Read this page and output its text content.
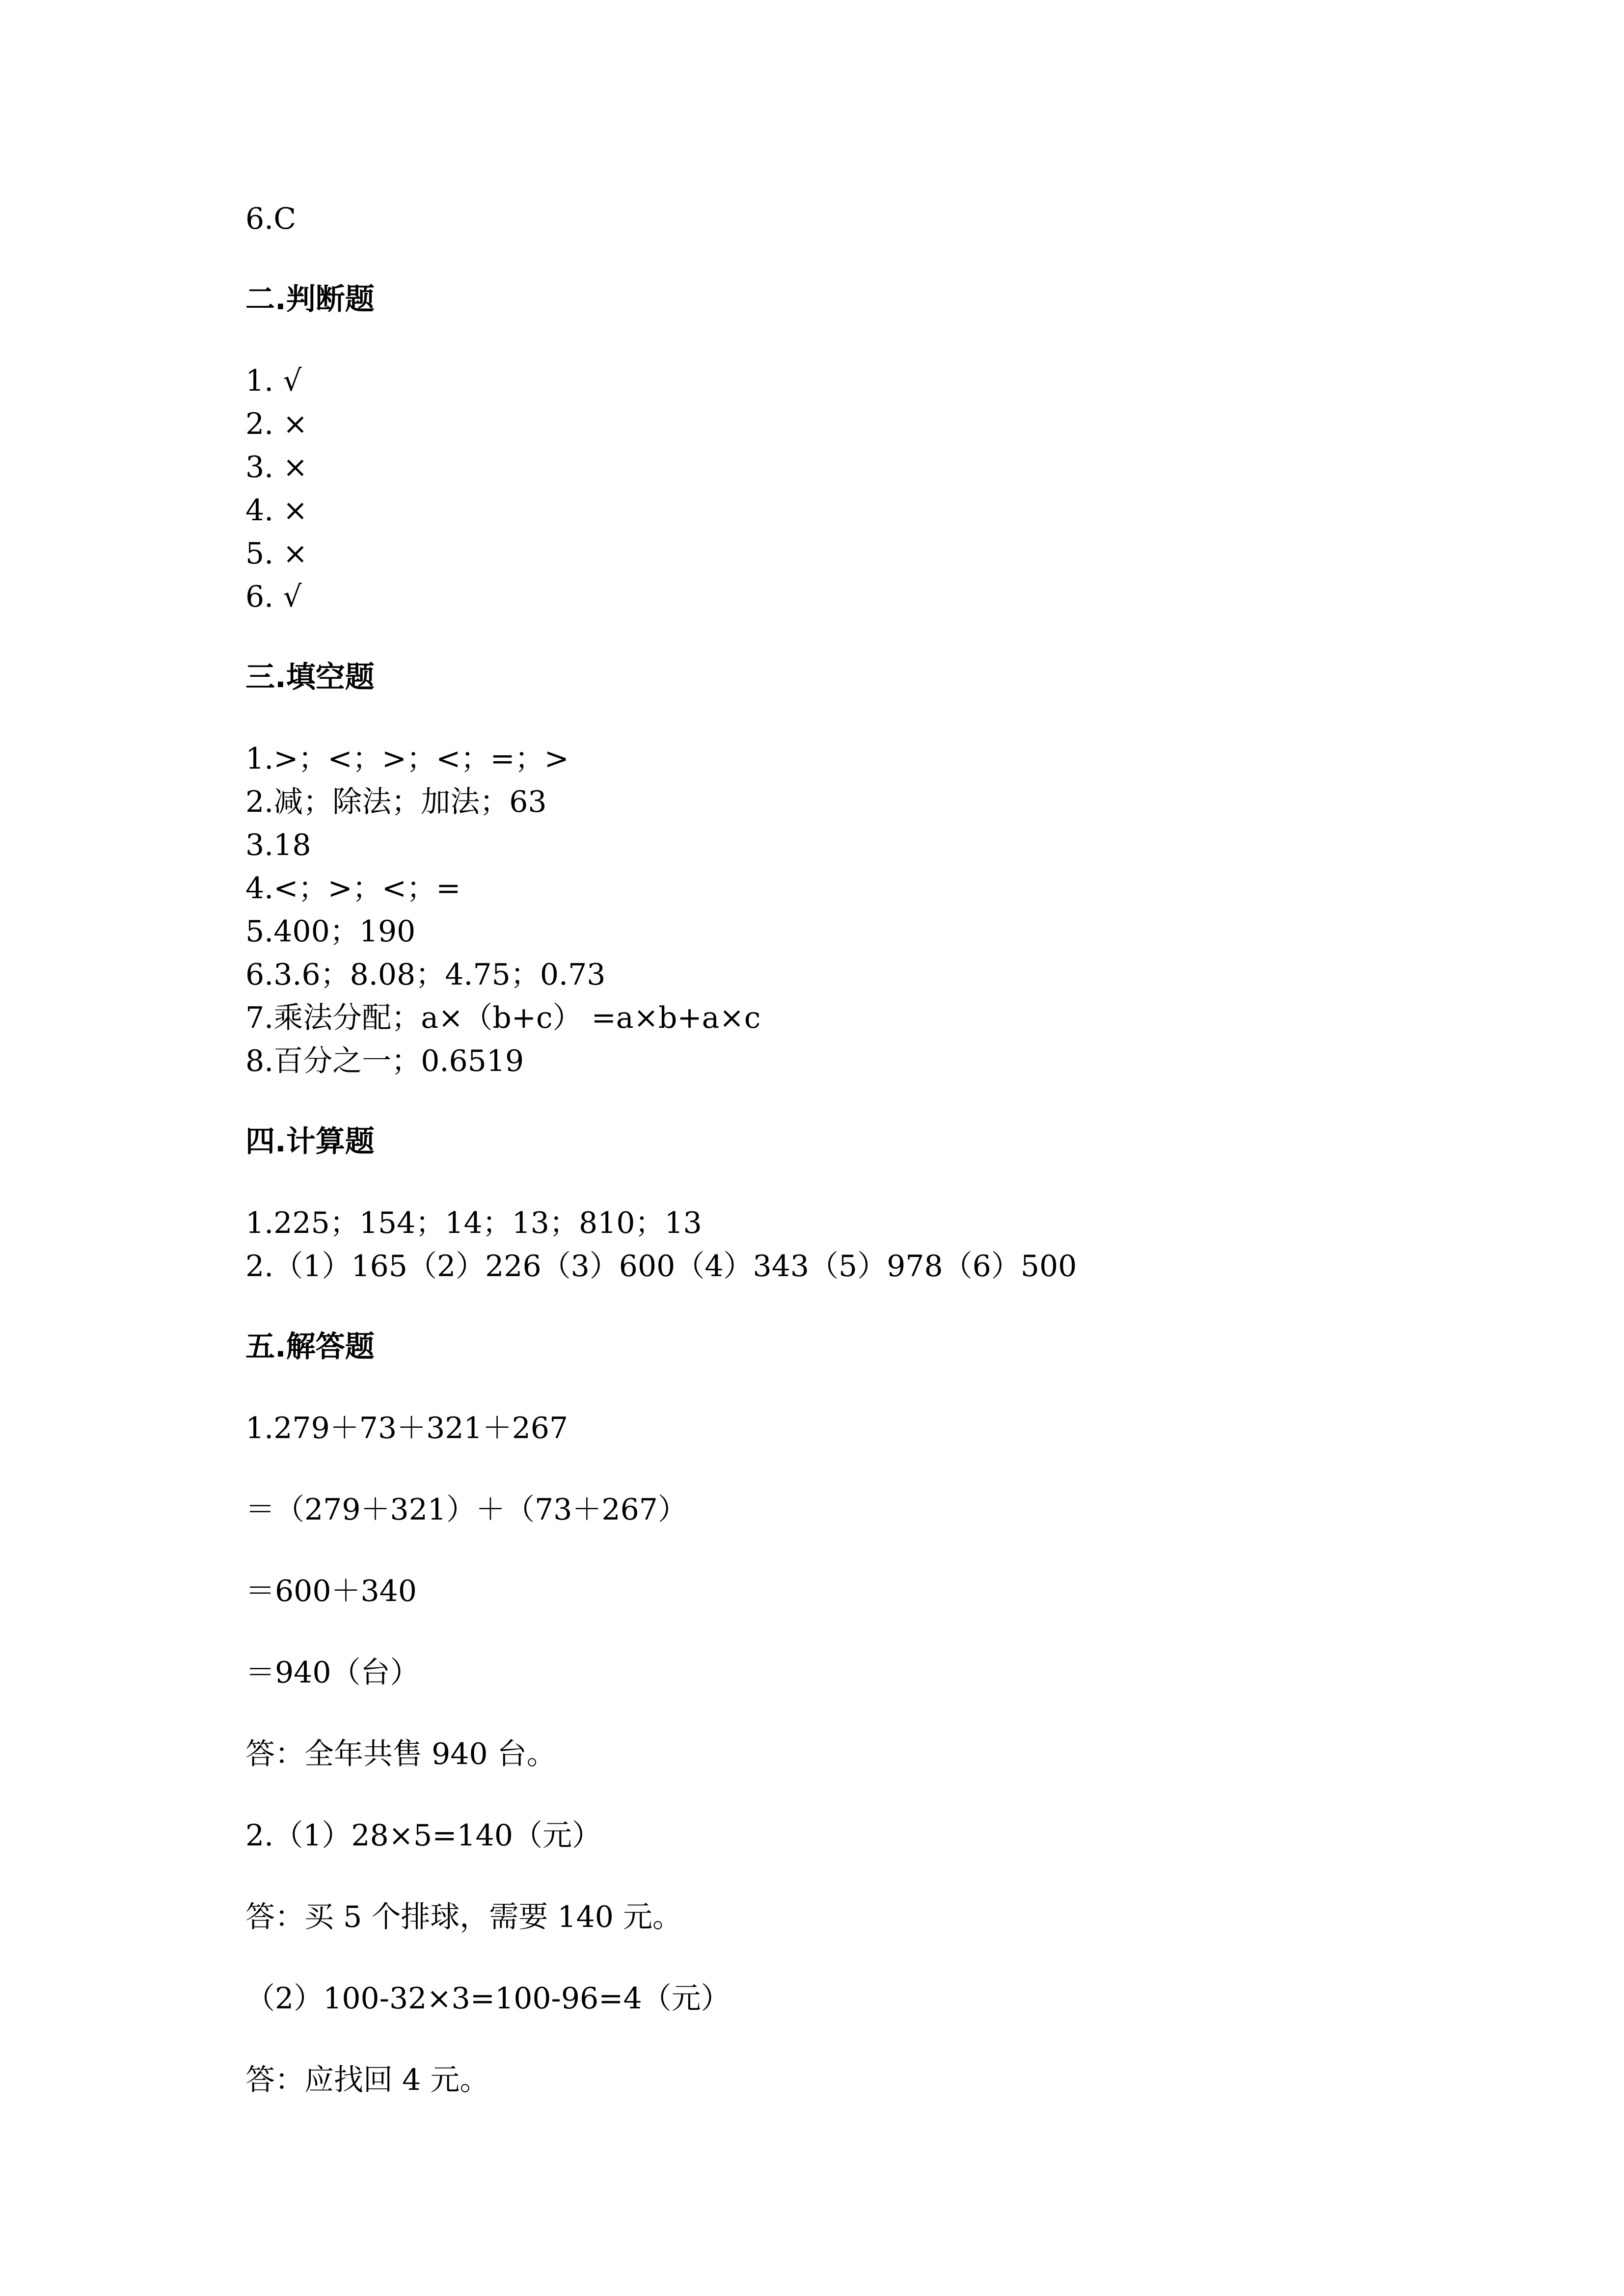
6.C
二.判断题
1. √
2. ×
3. ×
4. ×
5. ×
6. √
三.填空题
1.>；<；>；<；=；>
2.减；除法；加法；63
3.18
4.<；>；<；=
5.400；190
6.3.6；8.08；4.75；0.73
7.乘法分配；a×（b+c） =a×b+a×c
8.百分之一；0.6519
四.计算题
1.225；154；14；13；810；13
2.（1）165（2）226（3）600（4）343（5）978（6）500
五.解答题
1.279＋73＋321＋267
＝（279＋321）＋（73＋267）
＝600＋340
＝940（台）
答：全年共售 940 台。
2.（1）28×5=140（元）
答：买 5 个排球，需要 140 元。
（2）100-32×3=100-96=4（元）
答：应找回 4 元。
